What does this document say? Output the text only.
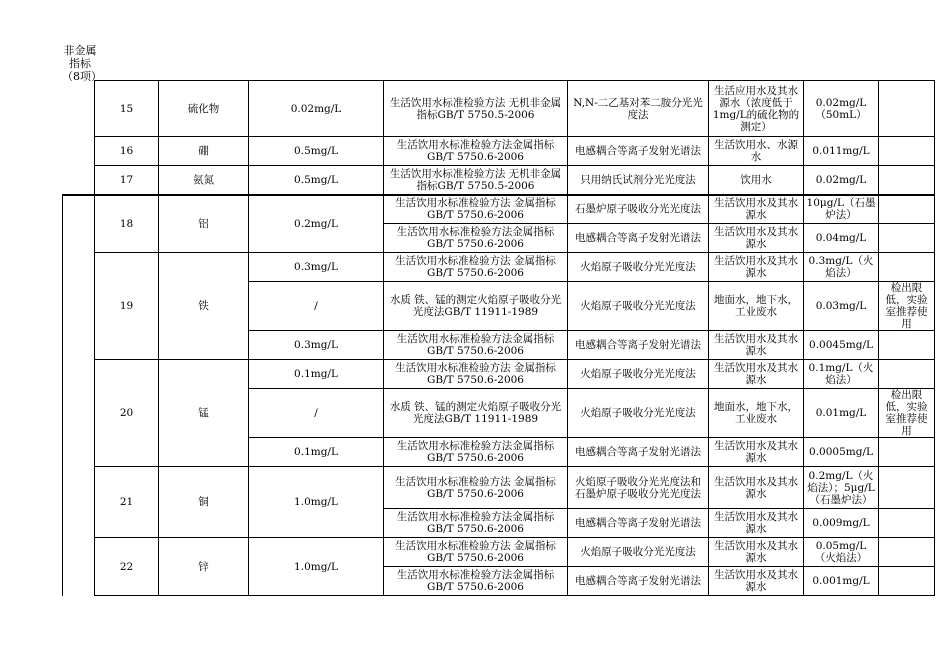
非金属指标（8项）
	15	硫化物	0.02mg/L	生活饮用水标准检验方法 无机非金属指标GB/T 5750.5-2006	N,N-二乙基对苯二胺分光光度法	生活应用水及其水源水（浓度低于1mg/L的硫化物的测定）	0.02mg/L（50mL）	
	16	硼	0.5mg/L	生活饮用水标准检验方法金属指标GB/T 5750.6-2006	电感耦合等离子发射光谱法	生活饮用水、水源水	0.011mg/L	
	17	氨氮	0.5mg/L	生活饮用水标准检验方法 无机非金属指标GB/T 5750.5-2006	只用纳氏试剂分光光度法	饮用水	0.02mg/L	
	18	铝	0.2mg/L	生活饮用水标准检验方法 金属指标GB/T 5750.6-2006	石墨炉原子吸收分光光度法	生活饮用水及其水源水	10μg/L（石墨炉法）	
				生活饮用水标准检验方法金属指标GB/T 5750.6-2006	电感耦合等离子发射光谱法	生活饮用水及其水源水	0.04mg/L	
	19	铁	0.3mg/L	生活饮用水标准检验方法 金属指标GB/T 5750.6-2006	火焰原子吸收分光光度法	生活饮用水及其水源水	0.3mg/L（火焰法）	
			/	水质 铁、锰的测定火焰原子吸收分光光度法GB/T 11911-1989	火焰原子吸收分光光度法	地面水，地下水，工业废水	0.03mg/L	检出限低，实验室推荐使用
			0.3mg/L	生活饮用水标准检验方法金属指标GB/T 5750.6-2006	电感耦合等离子发射光谱法	生活饮用水及其水源水	0.0045mg/L	
	20	锰	0.1mg/L	生活饮用水标准检验方法 金属指标GB/T 5750.6-2006	火焰原子吸收分光光度法	生活饮用水及其水源水	0.1mg/L（火焰法）	
			/	水质 铁、锰的测定火焰原子吸收分光光度法GB/T 11911-1989	火焰原子吸收分光光度法	地面水，地下水，工业废水	0.01mg/L	检出限低，实验室推荐使用
			0.1mg/L	生活饮用水标准检验方法金属指标GB/T 5750.6-2006	电感耦合等离子发射光谱法	生活饮用水及其水源水	0.0005mg/L	
	21	铜	1.0mg/L	生活饮用水标准检验方法 金属指标GB/T 5750.6-2006	火焰原子吸收分光光度法和石墨炉原子吸收分光光度法	生活饮用水及其水源水	0.2mg/L（火焰法）；5μg/L（石墨炉法）	
				生活饮用水标准检验方法金属指标GB/T 5750.6-2006	电感耦合等离子发射光谱法	生活饮用水及其水源水	0.009mg/L	
	22	锌	1.0mg/L	生活饮用水标准检验方法 金属指标GB/T 5750.6-2006	火焰原子吸收分光光度法	生活饮用水及其水源水	0.05mg/L（火焰法）	
				生活饮用水标准检验方法金属指标GB/T 5750.6-2006	电感耦合等离子发射光谱法	生活饮用水及其水源水	0.001mg/L	
